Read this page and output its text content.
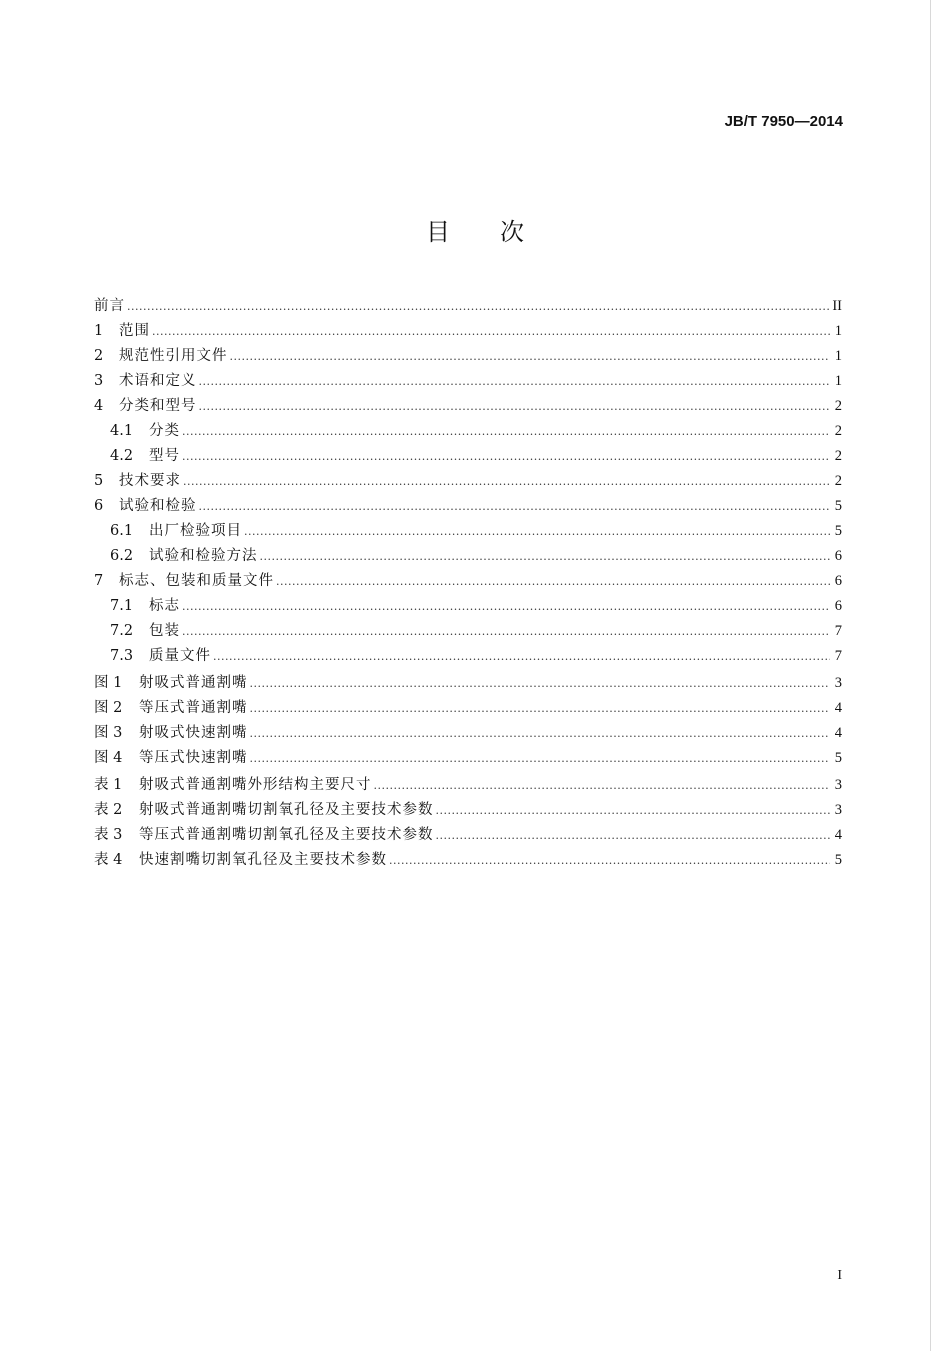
JB/T 7950—2014
目次
前言 .....	II
1	范围 .....	1
2	规范性引用文件 .....	1
3	术语和定义 .....	1
4	分类和型号 .....	2
4.1	分类 .....	2
4.2	型号 .....	2
5	技术要求 .....	2
6	试验和检验 .....	5
6.1	出厂检验项目 .....	5
6.2	试验和检验方法 .....	6
7	标志、包装和质量文件 .....	6
7.1	标志 .....	6
7.2	包装 .....	7
7.3	质量文件 .....	7
图 1	射吸式普通割嘴 .....	3
图 2	等压式普通割嘴 .....	4
图 3	射吸式快速割嘴 .....	4
图 4	等压式快速割嘴 .....	5
表 1	射吸式普通割嘴外形结构主要尺寸 .....	3
表 2	射吸式普通割嘴切割氧孔径及主要技术参数 .....	3
表 3	等压式普通割嘴切割氧孔径及主要技术参数 .....	4
表 4	快速割嘴切割氧孔径及主要技术参数 .....	5
I
